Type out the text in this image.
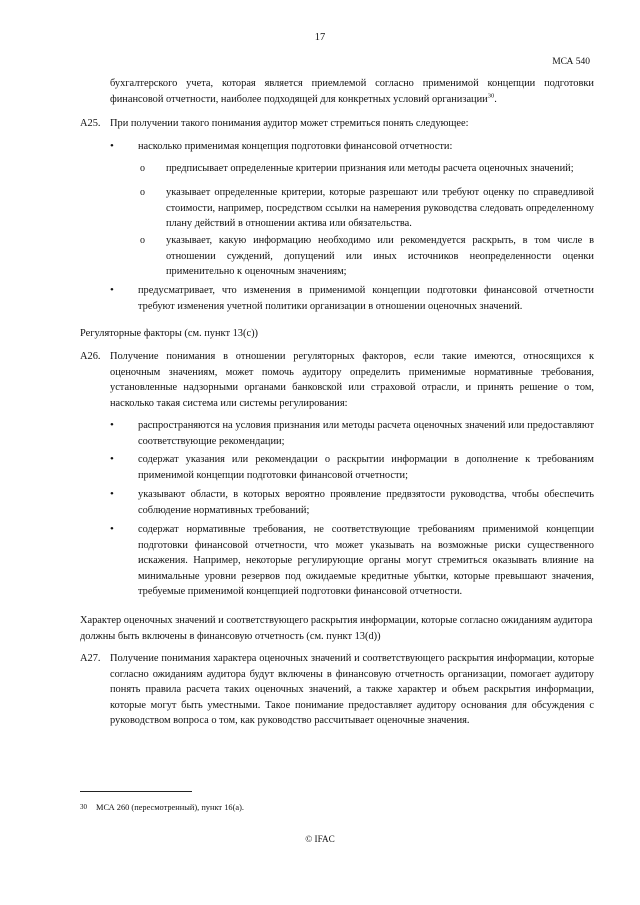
17
МСА 540
бухгалтерского учета, которая является приемлемой согласно применимой концепции подготовки финансовой отчетности, наиболее подходящей для конкретных условий организации$^{30}$.
A25. При получении такого понимания аудитор может стремиться понять следующее:
• насколько применимая концепция подготовки финансовой отчетности:
o предписывает определенные критерии признания или методы расчета оценочных значений;
o указывает определенные критерии, которые разрешают или требуют оценку по справедливой стоимости, например, посредством ссылки на намерения руководства следовать определенному плану действий в отношении актива или обязательства.
o указывает, какую информацию необходимо или рекомендуется раскрыть, в том числе в отношении суждений, допущений или иных источников неопределенности оценки применительно к оценочным значениям;
• предусматривает, что изменения в применимой концепции подготовки финансовой отчетности требуют изменения учетной политики организации в отношении оценочных значений.
Регуляторные факторы (см. пункт 13(c))
A26. Получение понимания в отношении регуляторных факторов, если такие имеются, относящихся к оценочным значениям, может помочь аудитору определить применимые нормативные требования, установленные надзорными органами банковской или страховой отрасли, и принять решение о том, насколько такая система или системы регулирования:
• распространяются на условия признания или методы расчета оценочных значений или предоставляют соответствующие рекомендации;
• содержат указания или рекомендации о раскрытии информации в дополнение к требованиям применимой концепции подготовки финансовой отчетности;
• указывают области, в которых вероятно проявление предвзятости руководства, чтобы обеспечить соблюдение нормативных требований;
• содержат нормативные требования, не соответствующие требованиям применимой концепции подготовки финансовой отчетности, что может указывать на возможные риски существенного искажения. Например, некоторые регулирующие органы могут стремиться оказывать влияние на минимальные уровни резервов под ожидаемые кредитные убытки, которые превышают значения, требуемые применимой концепцией подготовки финансовой отчетности.
Характер оценочных значений и соответствующего раскрытия информации, которые согласно ожиданиям аудитора должны быть включены в финансовую отчетность (см. пункт 13(d))
A27. Получение понимания характера оценочных значений и соответствующего раскрытия информации, которые согласно ожиданиям аудитора будут включены в финансовую отчетность организации, помогает аудитору понять правила расчета таких оценочных значений, а также характер и объем раскрытия информации, которые могут быть уместными. Такое понимание предоставляет аудитору основания для обсуждения с руководством вопроса о том, как руководство рассчитывает оценочные значения.
30 МСА 260 (пересмотренный), пункт 16(а).
© IFAC
